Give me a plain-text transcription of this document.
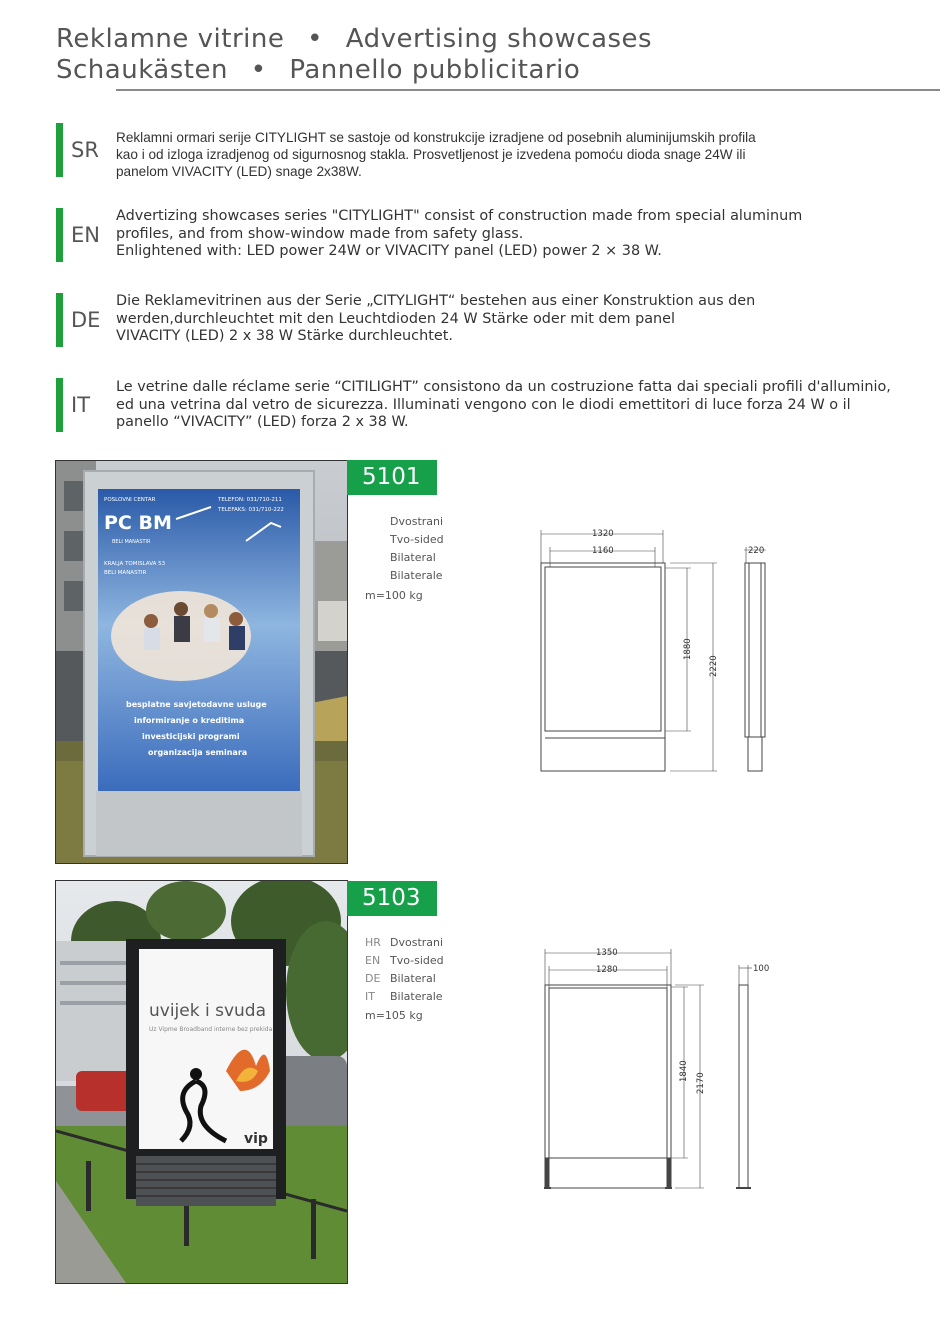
Reklamne vitrine • Advertising showcases
Schaukästen • Pannello pubblicitario
SR
Reklamni ormari serije CITYLIGHT se sastoje od konstrukcije izradjene od posebnih aluminijumskih profila
kao i od izloga izradjenog od sigurnosnog stakla. Prosvetljenost je izvedena pomoću dioda snage 24W ili
panelom VIVACITY (LED) snage 2x38W.
EN
Advertizing showcases series "CITYLIGHT" consist of construction made from special aluminum
profiles, and from show-window made from safety glass.
Enlightened with: LED power 24W or VIVACITY panel (LED) power 2 × 38 W.
DE
Die Reklamevitrinen aus der Serie „CITYLIGHT“ bestehen aus einer Konstruktion aus den
werden,durchleuchtet mit den Leuchtdioden 24 W Stärke oder mit dem panel
VIVACITY (LED) 2 x 38 W Stärke durchleuchtet.
IT
Le vetrine dalle réclame serie “CITILIGHT” consistono da un costruzione fatta dai speciali profili d'alluminio,
ed una vetrina dal vetro de sicurezza. Illuminati vengono con le diodi emettitori di luce forza 24 W o il
panello “VIVACITY” (LED) forza 2 x 38 W.
POSLOVNI CENTAR
PC BM
BELI MANASTIR
KRALJA TOMISLAVA 53
BELI MANASTIR
TELEFON: 031/710-211
TELEFAKS: 031/710-222
besplatne savjetodavne usluge
informiranje o kreditima
investicijski programi
organizacija seminara
5101
Dvostrani
Tvo-sided
Bilateral
Bilaterale
m=100 kg
1320
1160
1880
2220
220
uvijek i svuda
Uz Vipme Broadband interne bez prekida
vip
5103
HR
EN
DE
IT
Dvostrani
Tvo-sided
Bilateral
Bilaterale
m=105 kg
1350
1280
1840
2170
100
